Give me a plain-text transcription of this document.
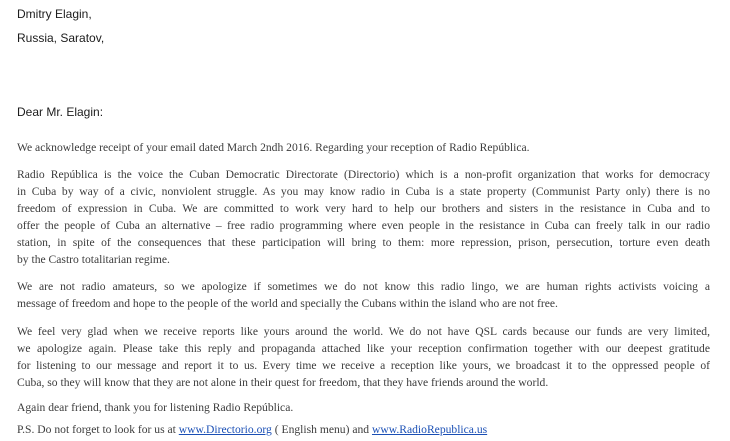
Dmitry Elagin,
Russia, Saratov,
Dear Mr. Elagin:
We acknowledge receipt of your email dated March 2ndh 2016. Regarding your reception of Radio República.
Radio República is the voice the Cuban Democratic Directorate (Directorio) which is a non-profit organization that works for democracy
in Cuba by way of a civic, nonviolent struggle. As you may know radio in Cuba is a state property (Communist Party only) there is no
freedom of expression in Cuba. We are committed to work very hard to help our brothers and sisters in the resistance in Cuba and to
offer the people of Cuba an alternative – free radio programming where even people in the resistance in Cuba can freely talk in our radio
station, in spite of the consequences that these participation will bring to them: more repression, prison, persecution, torture even death
by the Castro totalitarian regime.
We are not radio amateurs, so we apologize if sometimes we do not know this radio lingo, we are human rights activists voicing a
message of freedom and hope to the people of the world and specially the Cubans within the island who are not free.
We feel very glad when we receive reports like yours around the world. We do not have QSL cards because our funds are very limited,
we apologize again. Please take this reply and propaganda attached like your reception confirmation together with our deepest gratitude
for listening to our message and report it to us. Every time we receive a reception like yours, we broadcast it to the oppressed people of
Cuba, so they will know that they are not alone in their quest for freedom, that they have friends around the world.
Again dear friend, thank you for listening Radio República.
P.S. Do not forget to look for us at www.Directorio.org ( English menu) and www.RadioRepublica.us
